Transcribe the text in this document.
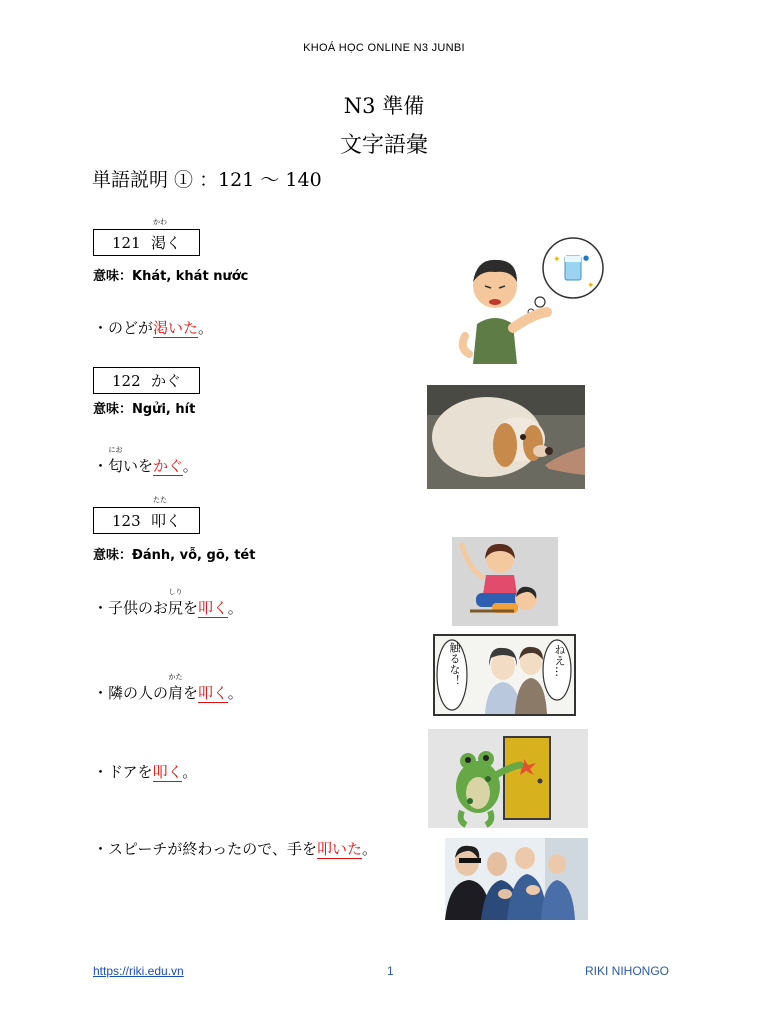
KHOÁ HỌC ONLINE N3 JUNBI
N3 準備
文字語彙
単語説明 ① ：121 〜 140
121
かわ
渇く
意味：Khát, khát nước
・のどが渇いた。
122 かぐ
意味：Ngửi, hít
・
にお
匂いをかぐ。
123
たた
叩く
意味：Đánh, vỗ, gõ, tét
・子供のお
しり
尻を叩く。
・隣の人の
かた
肩を叩く。
・ドアを叩く。
・スピーチが終わったので、手を叩いた。
✦
✦
●
触るな！	ねえ…
https://riki.edu.vn	1	RIKI NIHONGO
